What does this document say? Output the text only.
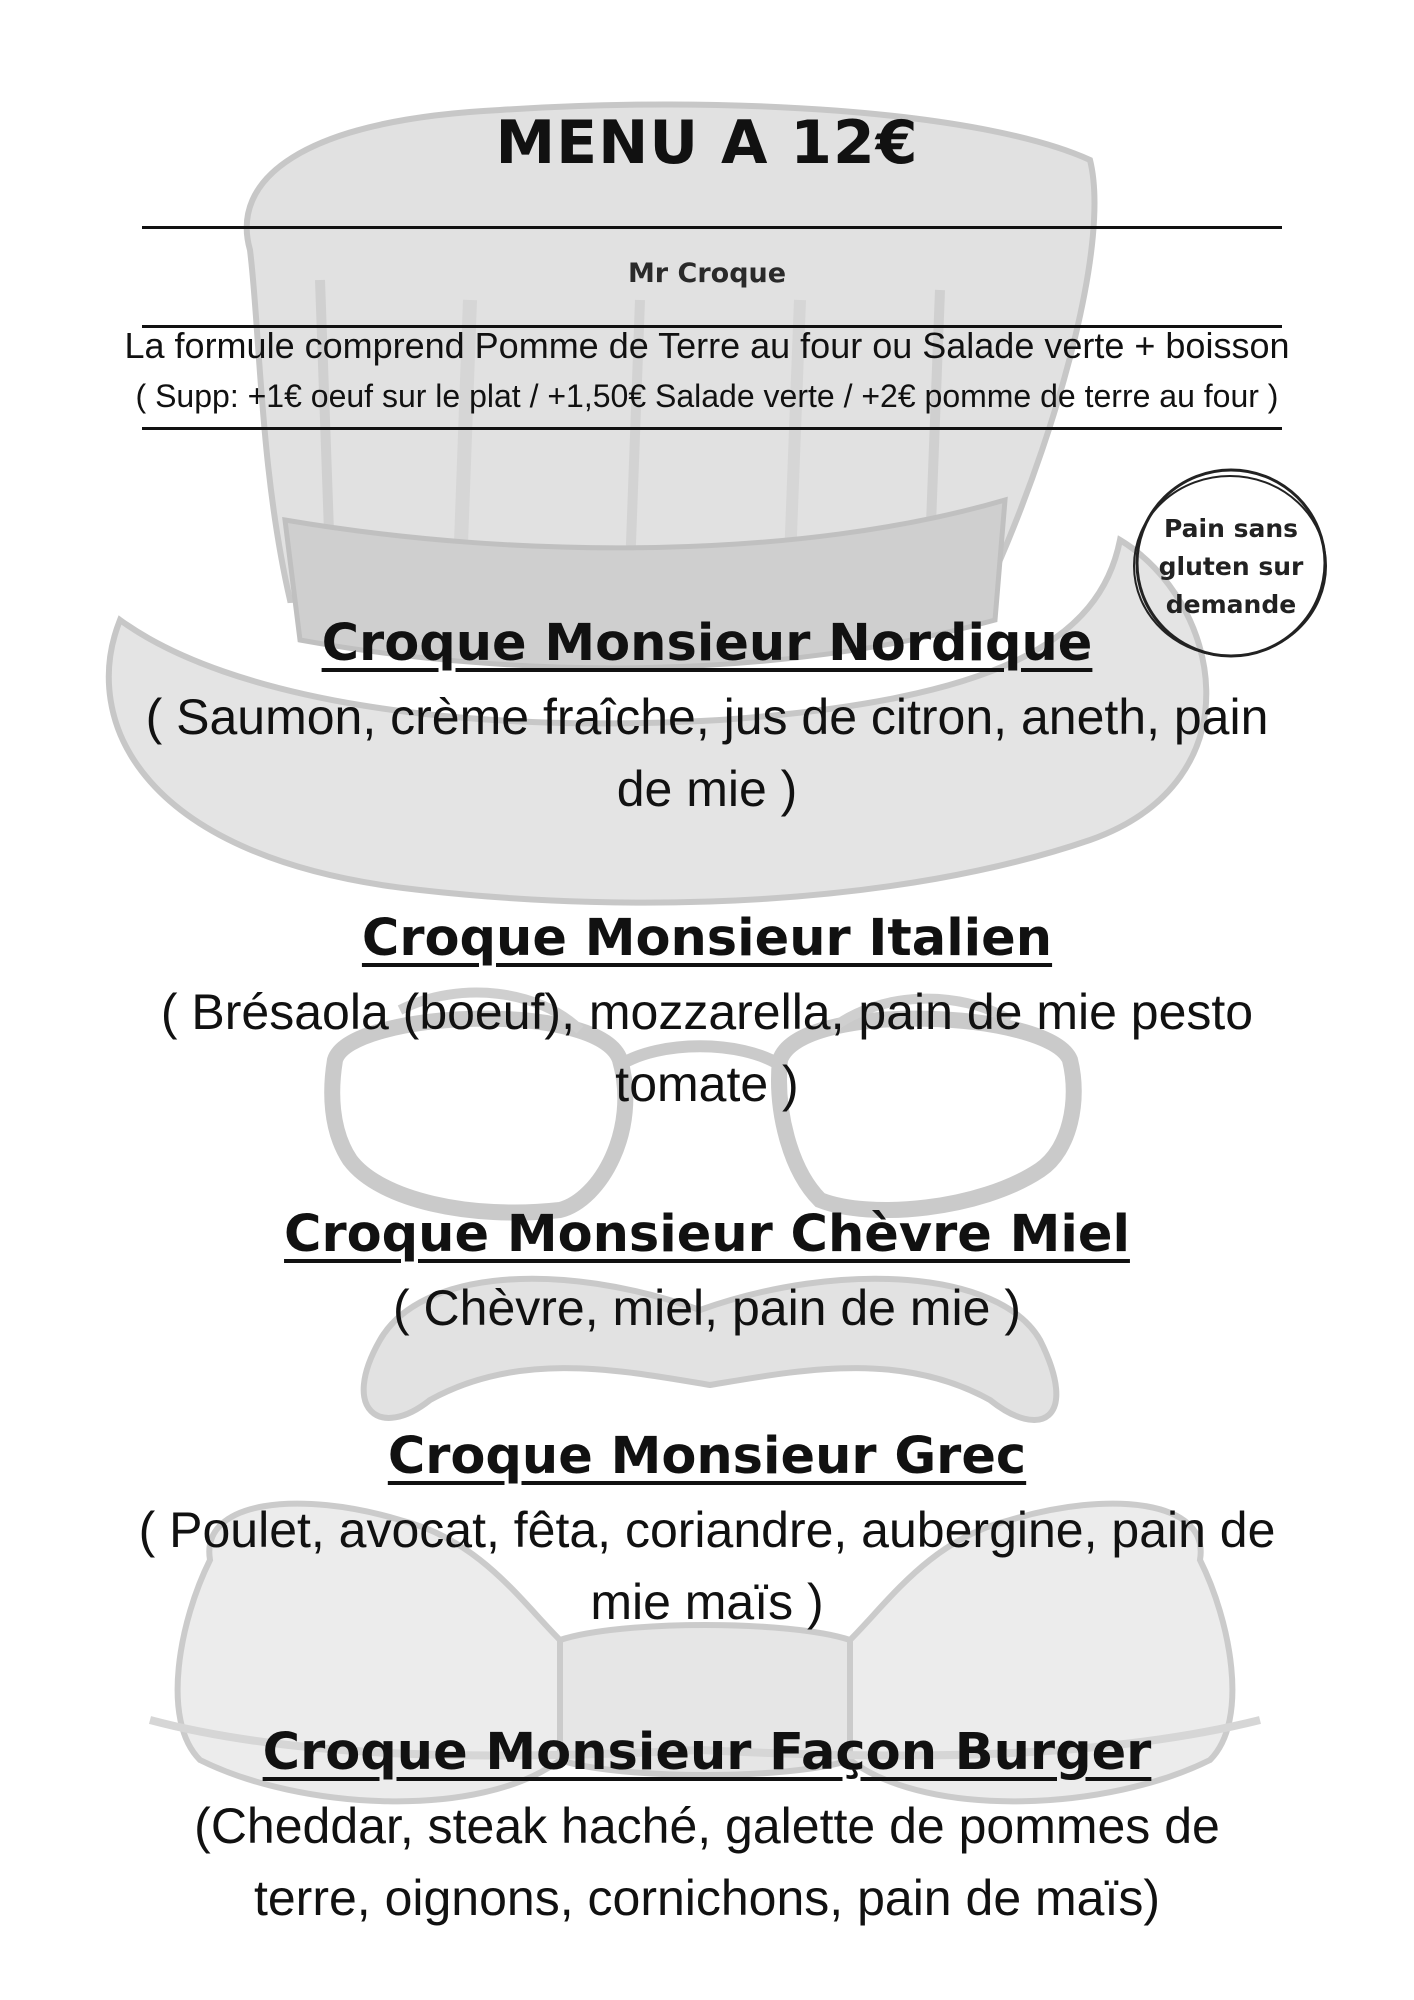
MENU A 12€
Mr Croque
La formule comprend Pomme de Terre au four ou Salade verte + boisson
( Supp: +1€ oeuf sur le plat / +1,50€ Salade verte / +2€ pomme de terre au four )
Pain sans gluten sur demande
Croque Monsieur Nordique
( Saumon, crème fraîche, jus de citron, aneth, pain de mie )
Croque Monsieur Italien
( Brésaola (boeuf), mozzarella, pain de mie pesto tomate )
Croque Monsieur Chèvre Miel
( Chèvre, miel, pain de mie )
Croque Monsieur Grec
( Poulet, avocat, fêta, coriandre, aubergine, pain de mie maïs )
Croque Monsieur Façon Burger
(Cheddar, steak haché, galette de pommes de terre, oignons, cornichons, pain de maïs)
